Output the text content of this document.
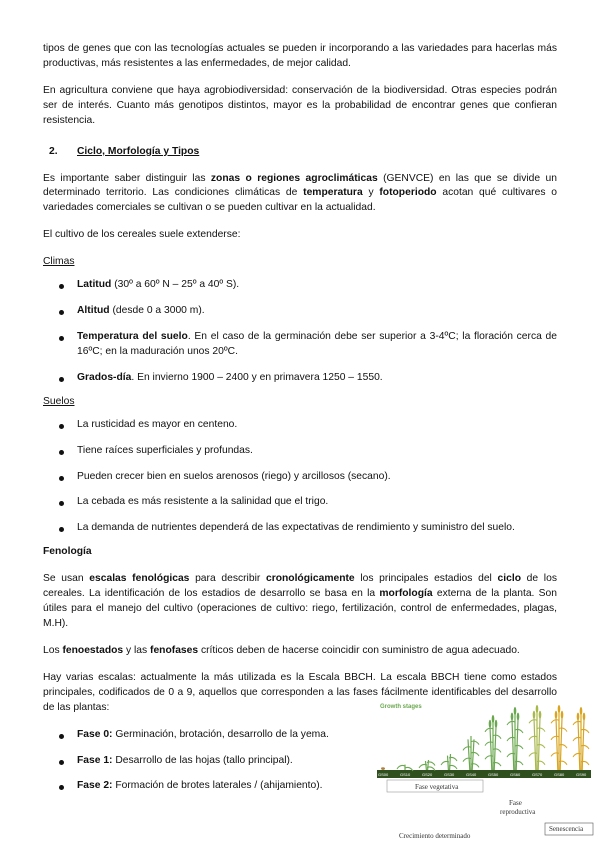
tipos de genes que con las tecnologías actuales se pueden ir incorporando a las variedades para hacerlas más productivas, más resistentes a las enfermedades, de mejor calidad.

En agricultura conviene que haya agrobiodiversidad: conservación de la biodiversidad. Otras especies podrán ser de interés. Cuanto más genotipos distintos, mayor es la probabilidad de encontrar genes que confieran resistencia.

2. Ciclo, Morfología y Tipos

Es importante saber distinguir las zonas o regiones agroclimáticas (GENVCE) en las que se divide un determinado territorio. Las condiciones climáticas de temperatura y fotoperiodo acotan qué cultivares o variedades comerciales se cultivan o se pueden cultivar en la actualidad.

El cultivo de los cereales suele extenderse:

Climas

Latitud (30º a 60º N – 25º a 40º S).
Altitud (desde 0 a 3000 m).
Temperatura del suelo. En el caso de la germinación debe ser superior a 3-4ºC; la floración cerca de 16ºC; en la maduración unos 20ºC.
Grados-día. En invierno 1900 – 2400 y en primavera 1250 – 1550.

Suelos

La rusticidad es mayor en centeno.
Tiene raíces superficiales y profundas.
Pueden crecer bien en suelos arenosos (riego) y arcillosos (secano).
La cebada es más resistente a la salinidad que el trigo.
La demanda de nutrientes dependerá de las expectativas de rendimiento y suministro del suelo.

Fenología

Se usan escalas fenológicas para describir cronológicamente los principales estadios del ciclo de los cereales. La identificación de los estadios de desarrollo se basa en la morfología externa de la planta. Son útiles para el manejo del cultivo (operaciones de cultivo: riego, fertilización, control de enfermedades, plagas, M.H).

Los fenoestados y las fenofases críticos deben de hacerse coincidir con suministro de agua adecuado.

Hay varias escalas: actualmente la más utilizada es la Escala BBCH. La escala BBCH tiene como estados principales, codificados de 0 a 9, aquellos que corresponden a las fases fácilmente identificables del desarrollo de las plantas:

Fase 0: Germinación, brotación, desarrollo de la yema.
Fase 1: Desarrollo de las hojas (tallo principal).
Fase 2: Formación de brotes laterales / (ahijamiento).
Growth stages
GS00	GS10	GS20	GS30	GS40	GS50	GS60	GS70	GS80	GS90
Fase vegetativa
Fase
reproductiva
Senescencia
Crecimiento determinado
